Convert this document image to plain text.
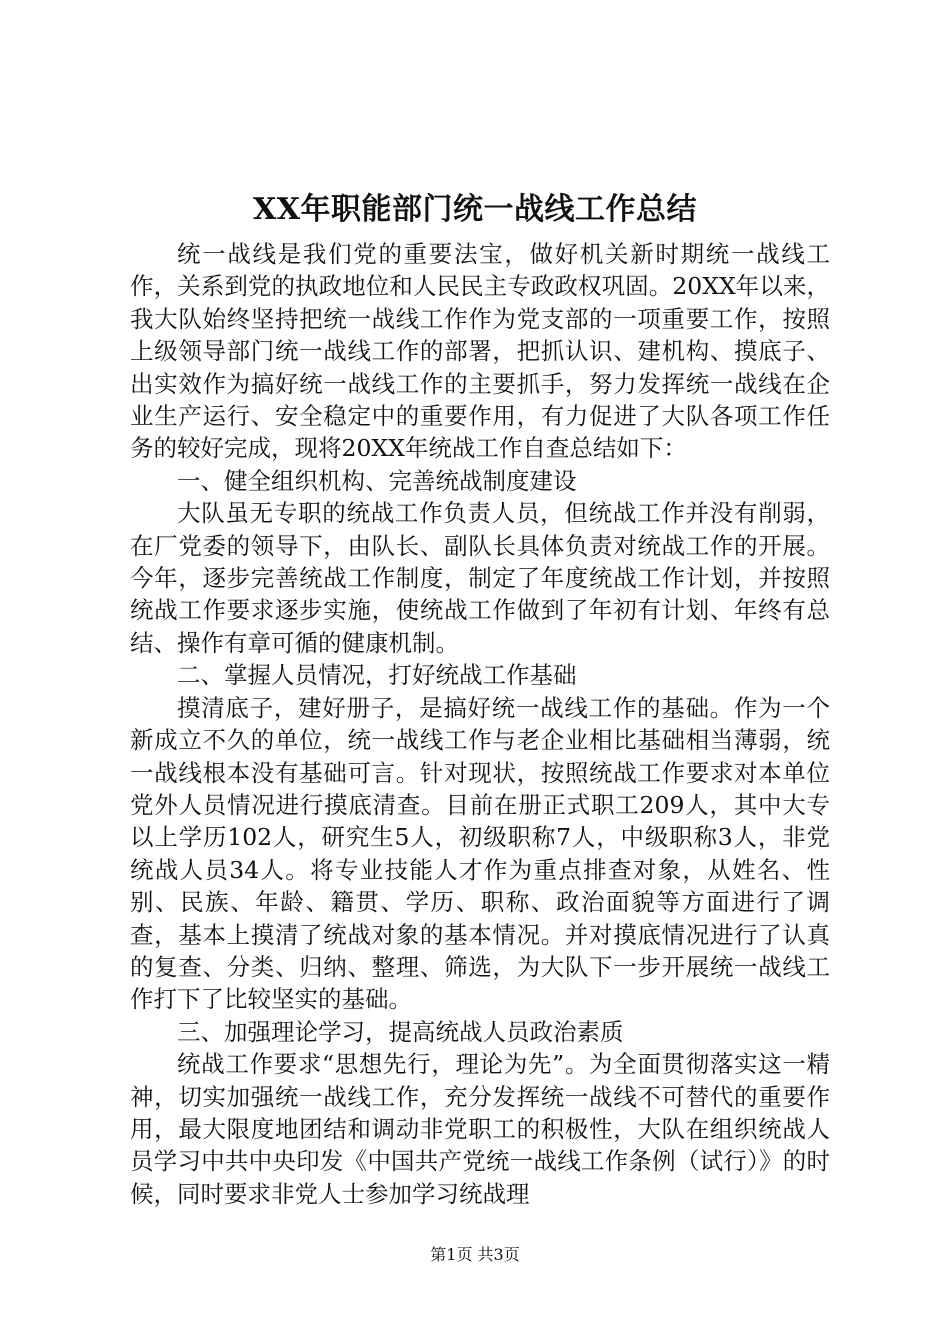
XX年职能部门统一战线工作总结

统一战线是我们党的重要法宝，做好机关新时期统一战线工作，关系到党的执政地位和人民民主专政政权巩固。20XX年以来，我大队始终坚持把统一战线工作作为党支部的一项重要工作，按照上级领导部门统一战线工作的部署，把抓认识、建机构、摸底子、出实效作为搞好统一战线工作的主要抓手，努力发挥统一战线在企业生产运行、安全稳定中的重要作用，有力促进了大队各项工作任务的较好完成，现将20XX年统战工作自查总结如下：

一、健全组织机构、完善统战制度建设

大队虽无专职的统战工作负责人员，但统战工作并没有削弱，在厂党委的领导下，由队长、副队长具体负责对统战工作的开展。今年，逐步完善统战工作制度，制定了年度统战工作计划，并按照统战工作要求逐步实施，使统战工作做到了年初有计划、年终有总结、操作有章可循的健康机制。

二、掌握人员情况，打好统战工作基础

摸清底子，建好册子，是搞好统一战线工作的基础。作为一个新成立不久的单位，统一战线工作与老企业相比基础相当薄弱，统一战线根本没有基础可言。针对现状，按照统战工作要求对本单位党外人员情况进行摸底清查。目前在册正式职工209人，其中大专以上学历102人，研究生5人，初级职称7人，中级职称3人，非党统战人员34人。将专业技能人才作为重点排查对象，从姓名、性别、民族、年龄、籍贯、学历、职称、政治面貌等方面进行了调查，基本上摸清了统战对象的基本情况。并对摸底情况进行了认真的复查、分类、归纳、整理、筛选，为大队下一步开展统一战线工作打下了比较坚实的基础。

三、加强理论学习，提高统战人员政治素质

统战工作要求“思想先行，理论为先”。为全面贯彻落实这一精神，切实加强统一战线工作，充分发挥统一战线不可替代的重要作用，最大限度地团结和调动非党职工的积极性，大队在组织统战人员学习中共中央印发《中国共产党统一战线工作条例（试行）》的时候，同时要求非党人士参加学习统战理

第1页 共3页
